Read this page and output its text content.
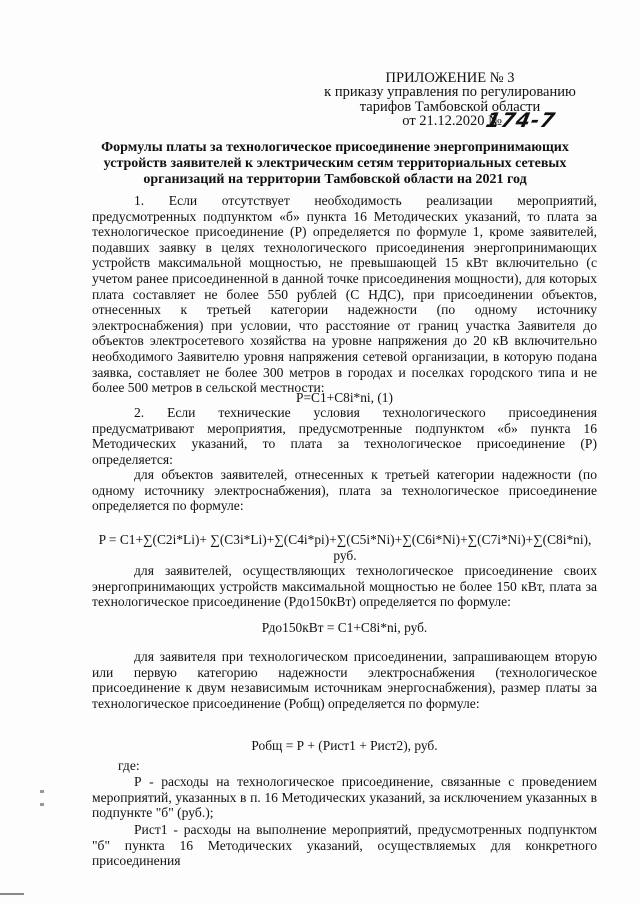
ПРИЛОЖЕНИЕ № 3
к приказу управления по регулированию
тарифов Тамбовской области
от 21.12.2020 №
174-7
Формулы платы за технологическое присоединение энергопринимающих устройств заявителей к электрическим сетям территориальных сетевых организаций на территории Тамбовской области на 2021 год

1. Если отсутствует необходимость реализации мероприятий, предусмотренных подпунктом «б» пункта 16 Методических указаний, то плата за технологическое присоединение (Р) определяется по формуле 1, кроме заявителей, подавших заявку в целях технологического присоединения энергопринимающих устройств максимальной мощностью, не превышающей 15 кВт включительно (с учетом ранее присоединенной в данной точке присоединения мощности), для которых плата составляет не более 550 рублей (С НДС), при присоединении объектов, отнесенных к третьей категории надежности (по одному источнику электроснабжения) при условии, что расстояние от границ участка Заявителя до объектов электросетевого хозяйства на уровне напряжения до 20 кВ включительно необходимого Заявителю уровня напряжения сетевой организации, в которую подана заявка, составляет не более 300 метров в городах и поселках городского типа и не более 500 метров в сельской местности:

P=C1+C8i*ni, (1)

2. Если технические условия технологического присоединения предусматривают мероприятия, предусмотренные подпунктом «б» пункта 16 Методических указаний, то плата за технологическое присоединение (Р) определяется:

для объектов заявителей, отнесенных к третьей категории надежности (по одному источнику электроснабжения), плата за технологическое присоединение определяется по формуле:

P = C1+∑(C2i*Li)+ ∑(C3i*Li)+∑(C4i*pi)+∑(C5i*Ni)+∑(C6i*Ni)+∑(C7i*Ni)+∑(C8i*ni), руб.

для заявителей, осуществляющих технологическое присоединение своих энергопринимающих устройств максимальной мощностью не более 150 кВт, плата за технологическое присоединение (Рдо150кВт) определяется по формуле:

Рдо150кВт = C1+C8i*ni, руб.

для заявителя при технологическом присоединении, запрашивающем вторую или первую категорию надежности электроснабжения (технологическое присоединение к двум независимым источникам энергоснабжения), размер платы за технологическое присоединение (Робщ) определяется по формуле:

Робщ = Р + (Рист1 + Рист2), руб.
где:

Р - расходы на технологическое присоединение, связанные с проведением мероприятий, указанных в п. 16 Методических указаний, за исключением указанных в подпункте "б" (руб.);

Рист1 - расходы на выполнение мероприятий, предусмотренных подпунктом "б" пункта 16 Методических указаний, осуществляемых для конкретного присоединения
